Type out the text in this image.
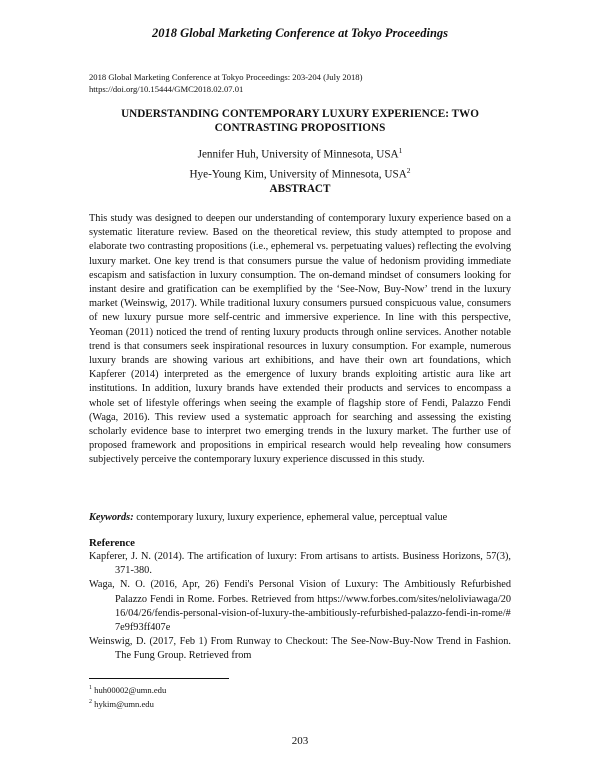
2018 Global Marketing Conference at Tokyo Proceedings
2018 Global Marketing Conference at Tokyo Proceedings: 203-204 (July 2018)
https://doi.org/10.15444/GMC2018.02.07.01
UNDERSTANDING CONTEMPORARY LUXURY EXPERIENCE: TWO CONTRASTING PROPOSITIONS
Jennifer Huh, University of Minnesota, USA$^1$
Hye-Young Kim, University of Minnesota, USA$^2$
ABSTRACT

This study was designed to deepen our understanding of contemporary luxury experience based on a systematic literature review. Based on the theoretical review, this study attempted to propose and elaborate two contrasting propositions (i.e., ephemeral vs. perpetuating values) reflecting the evolving luxury market. One key trend is that consumers pursue the value of hedonism providing immediate escapism and satisfaction in luxury consumption. The on-demand mindset of consumers looking for instant desire and gratification can be exemplified by the ‘See-Now, Buy-Now’ trend in the luxury market (Weinswig, 2017). While traditional luxury consumers pursued conspicuous value, consumers of new luxury pursue more self-centric and immersive experience. In line with this perspective, Yeoman (2011) noticed the trend of renting luxury products through online services. Another notable trend is that consumers seek inspirational resources in luxury consumption. For example, numerous luxury brands are showing various art exhibitions, and have their own art foundations, which Kapferer (2014) interpreted as the emergence of luxury brands exploiting artistic aura like art institutions. In addition, luxury brands have extended their products and services to encompass a whole set of lifestyle offerings when seeing the example of flagship store of Fendi, Palazzo Fendi (Waga, 2016). This review used a systematic approach for searching and assessing the existing scholarly evidence base to interpret two emerging trends in the luxury market. The further use of proposed framework and propositions in empirical research would help revealing how consumers subjectively perceive the contemporary luxury experience discussed in this study.

Keywords: contemporary luxury, luxury experience, ephemeral value, perceptual value
Reference

Kapferer, J. N. (2014). The artification of luxury: From artisans to artists. Business Horizons, 57(3), 371-380.

Waga, N. O. (2016, Apr, 26) Fendi's Personal Vision of Luxury: The Ambitiously Refurbished Palazzo Fendi in Rome. Forbes. Retrieved from https://www.forbes.com/sites/neloliviawaga/2016/04/26/fendis-personal-vision-of-luxury-the-ambitiously-refurbished-palazzo-fendi-in-rome/#7e9f93ff407e

Weinswig, D. (2017, Feb 1) From Runway to Checkout: The See-Now-Buy-Now Trend in Fashion. The Fung Group. Retrieved from

$^1$ huh00002@umn.edu
$^2$ hykim@umn.edu
203
